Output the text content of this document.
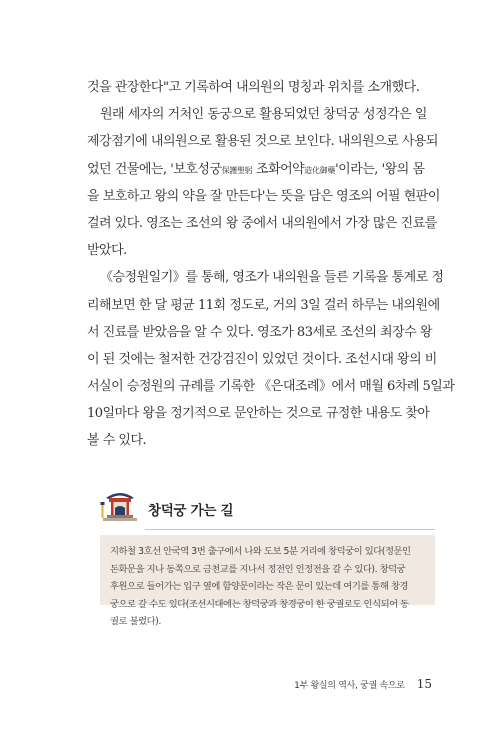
것을 관장한다"고 기록하여 내의원의 명칭과 위치를 소개했다.
원래 세자의 거처인 동궁으로 활용되었던 창덕궁 성정각은 일
제강점기에 내의원으로 활용된 것으로 보인다. 내의원으로 사용되
었던 건물에는, '보호성궁保護聖躬 조화어약造化御藥'이라는, '왕의 몸
을 보호하고 왕의 약을 잘 만든다'는 뜻을 담은 영조의 어필 현판이
걸려 있다. 영조는 조선의 왕 중에서 내의원에서 가장 많은 진료를
받았다.
《승정원일기》를 통해, 영조가 내의원을 들른 기록을 통계로 정
리해보면 한 달 평균 11회 정도로, 거의 3일 걸러 하루는 내의원에
서 진료를 받았음을 알 수 있다. 영조가 83세로 조선의 최장수 왕
이 된 것에는 철저한 건강검진이 있었던 것이다. 조선시대 왕의 비
서실이 승정원의 규례를 기록한 《은대조례》에서 매월 6차례 5일과
10일마다 왕을 정기적으로 문안하는 것으로 규정한 내용도 찾아
볼 수 있다.
창덕궁 가는 길
지하철 3호선 안국역 3번 출구에서 나와 도보 5분 거리에 창덕궁이 있다(정문인
돈화문을 지나 동쪽으로 금천교를 지나서 정전인 인정전을 갈 수 있다). 창덕궁
후원으로 들어가는 입구 옆에 함양문이라는 작은 문이 있는데 여기를 통해 창경
궁으로 갈 수도 있다(조선시대에는 창덕궁과 창경궁이 한 궁궐로도 인식되어 동
궐로 불렸다).
1부 왕실의 역사, 궁궐 속으로 15
